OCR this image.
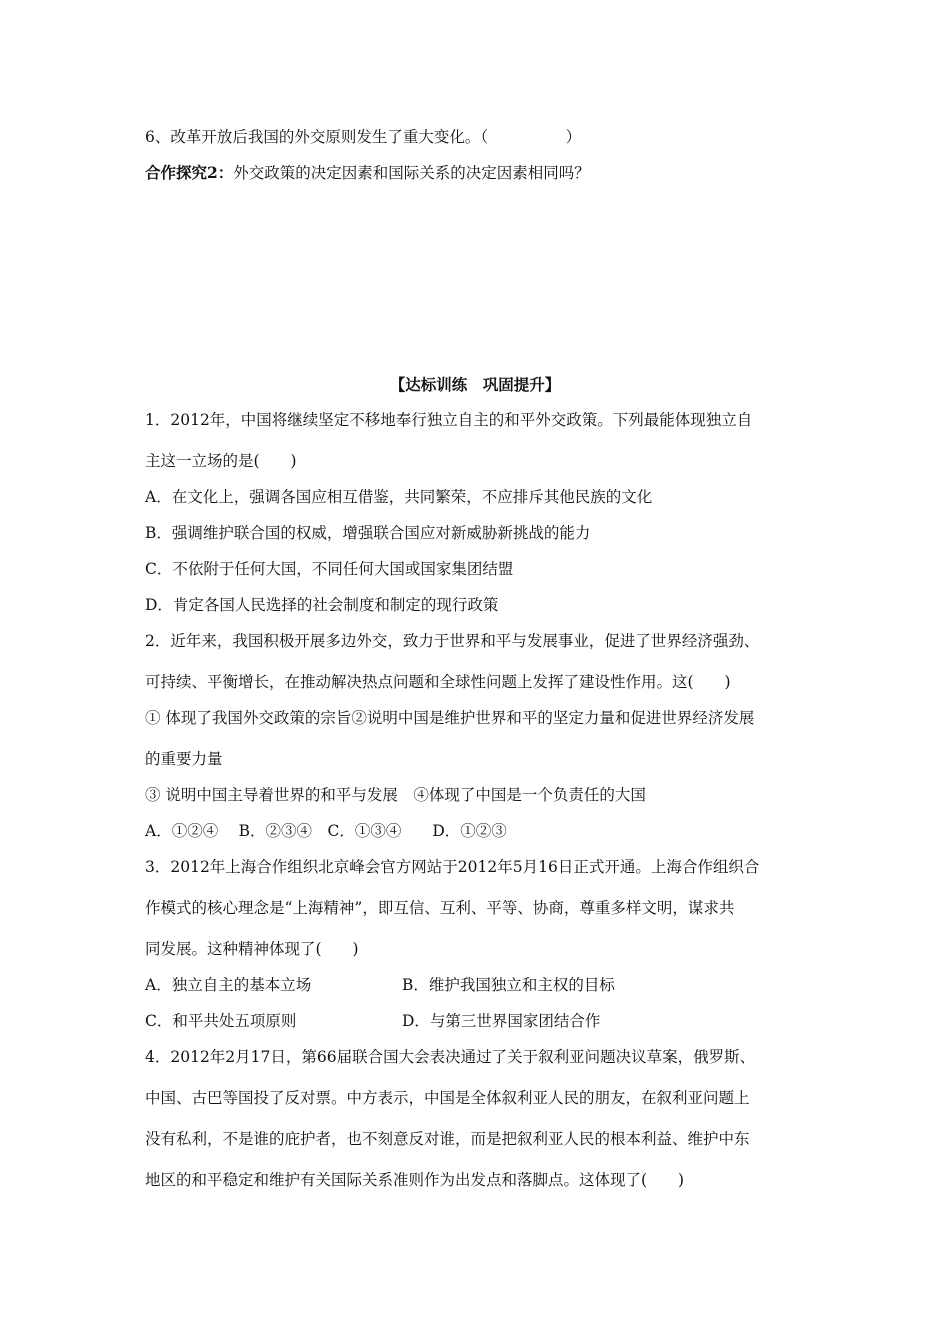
6、改革开放后我国的外交原则发生了重大变化。（　　　　　）
合作探究2：外交政策的决定因素和国际关系的决定因素相同吗？
【达标训练　巩固提升】
1．2012年，中国将继续坚定不移地奉行独立自主的和平外交政策。下列最能体现独立自
主这一立场的是(　　)
A．在文化上，强调各国应相互借鉴，共同繁荣，不应排斥其他民族的文化
B．强调维护联合国的权威，增强联合国应对新威胁新挑战的能力
C．不依附于任何大国，不同任何大国或国家集团结盟
D．肯定各国人民选择的社会制度和制定的现行政策
2．近年来，我国积极开展多边外交，致力于世界和平与发展事业，促进了世界经济强劲、
可持续、平衡增长，在推动解决热点问题和全球性问题上发挥了建设性作用。这(　　)
① 体现了我国外交政策的宗旨②说明中国是维护世界和平的坚定力量和促进世界经济发展
的重要力量
③ 说明中国主导着世界的和平与发展　④体现了中国是一个负责任的大国
A．①②④　 B．②③④　C．①③④　　D．①②③
3．2012年上海合作组织北京峰会官方网站于2012年5月16日正式开通。上海合作组织合
作模式的核心理念是“上海精神”，即互信、互利、平等、协商，尊重多样文明，谋求共
同发展。这种精神体现了(　　)
A．独立自主的基本立场	B．维护我国独立和主权的目标
C．和平共处五项原则	D．与第三世界国家团结合作
4．2012年2月17日，第66届联合国大会表决通过了关于叙利亚问题决议草案，俄罗斯、
中国、古巴等国投了反对票。中方表示，中国是全体叙利亚人民的朋友，在叙利亚问题上
没有私利，不是谁的庇护者，也不刻意反对谁，而是把叙利亚人民的根本利益、维护中东
地区的和平稳定和维护有关国际关系准则作为出发点和落脚点。这体现了(　　)
